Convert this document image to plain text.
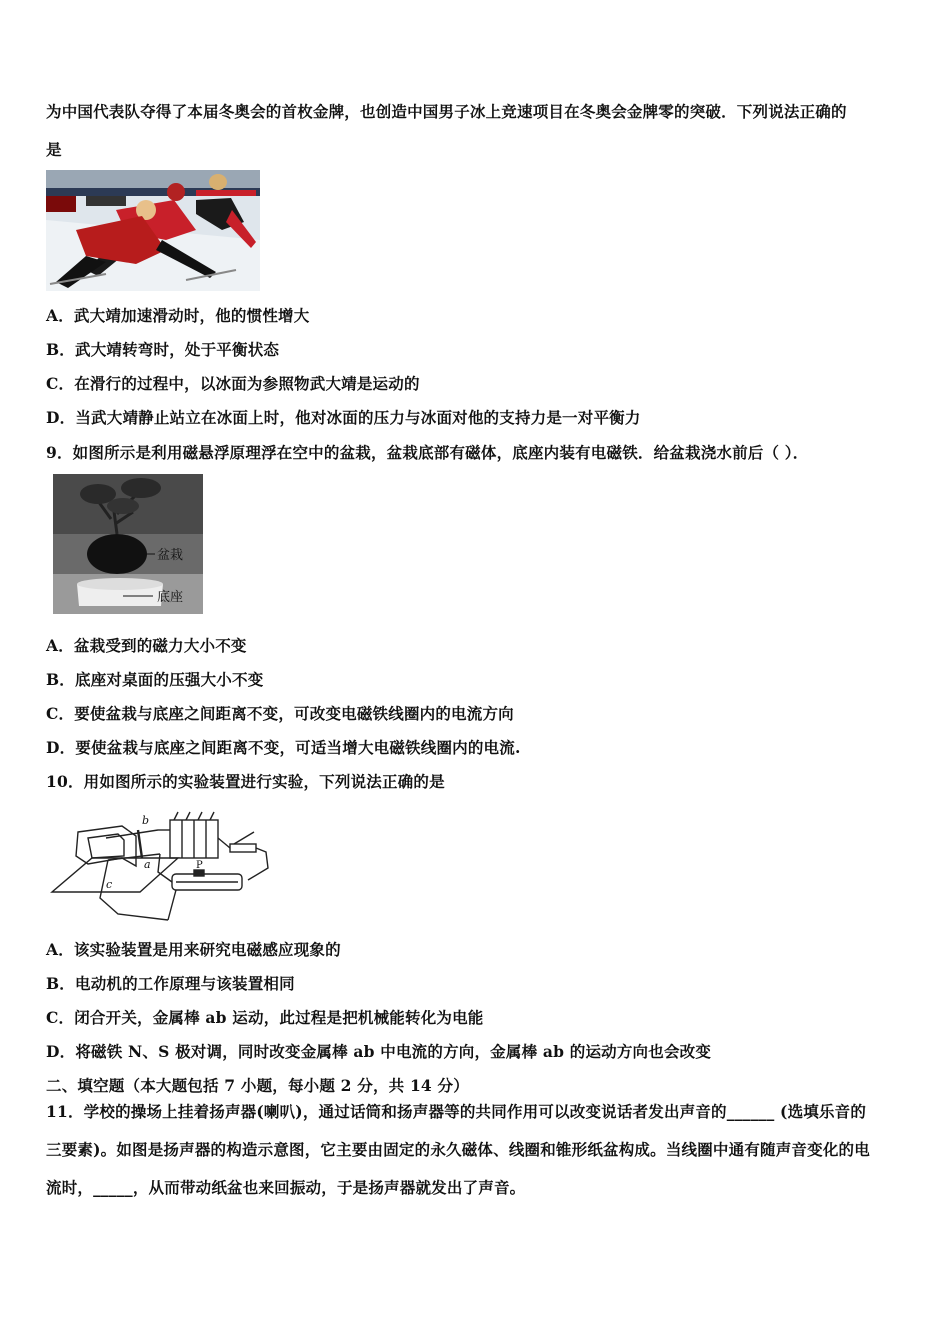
为中国代表队夺得了本届冬奥会的首枚金牌，也创造中国男子冰上竞速项目在冬奥会金牌零的突破．下列说法正确的
是
A．武大靖加速滑动时，他的惯性增大
B．武大靖转弯时，处于平衡状态
C．在滑行的过程中，以冰面为参照物武大靖是运动的
D．当武大靖静止站立在冰面上时，他对冰面的压力与冰面对他的支持力是一对平衡力
9．如图所示是利用磁悬浮原理浮在空中的盆栽，盆栽底部有磁体，底座内装有电磁铁．给盆栽浇水前后（ ）．
盆栽
底座
A．盆栽受到的磁力大小不变
B．底座对桌面的压强大小不变
C．要使盆栽与底座之间距离不变，可改变电磁铁线圈内的电流方向
D．要使盆栽与底座之间距离不变，可适当增大电磁铁线圈内的电流.
10．用如图所示的实验装置进行实验，下列说法正确的是
b
a
c
P
A．该实验装置是用来研究电磁感应现象的
B．电动机的工作原理与该装置相同
C．闭合开关，金属棒 ab 运动，此过程是把机械能转化为电能
D．将磁铁 N、S 极对调，同时改变金属棒 ab 中电流的方向，金属棒 ab 的运动方向也会改变
二、填空题（本大题包括 7 小题，每小题 2 分，共 14 分）
11．学校的操场上挂着扬声器(喇叭)，通过话筒和扬声器等的共同作用可以改变说话者发出声音的______ (选填乐音的
三要素)。如图是扬声器的构造示意图，它主要由固定的永久磁体、线圈和锥形纸盆构成。当线圈中通有随声音变化的电
流时，_____，从而带动纸盆也来回振动，于是扬声器就发出了声音。
